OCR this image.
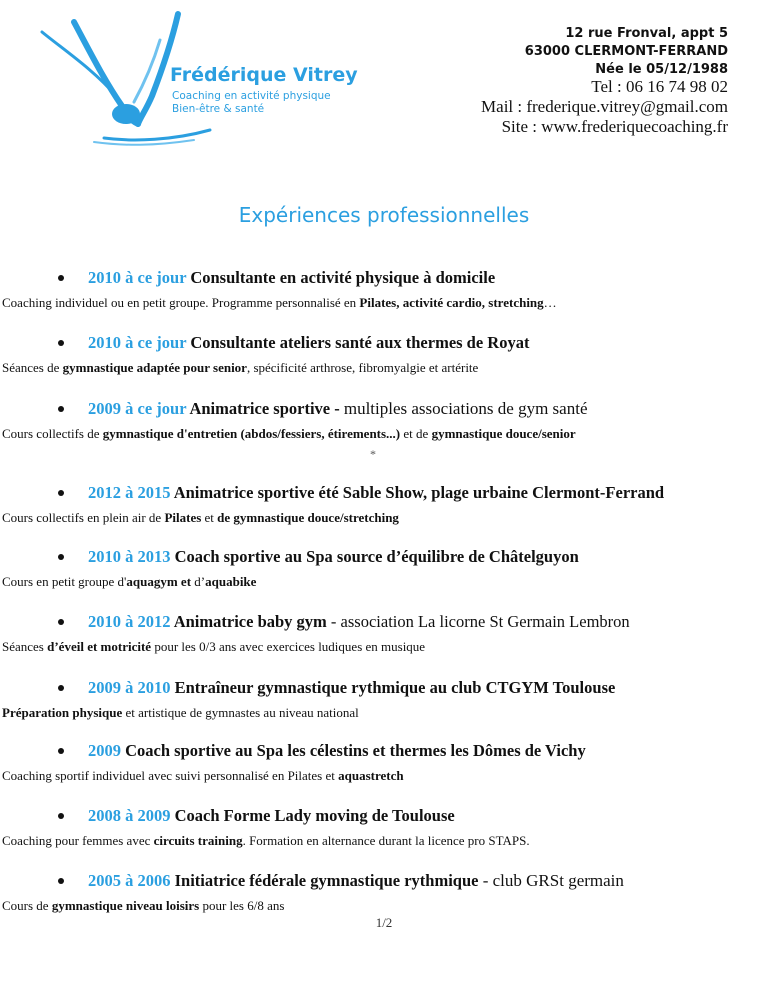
Frédérique Vitrey
Coaching en activité physique
Bien-être & santé
12 rue Fronval, appt 5
63000 CLERMONT-FERRAND
Née le 05/12/1988
Tel : 06 16 74 98 02
Mail : frederique.vitrey@gmail.com
Site : www.frederiquecoaching.fr
Expériences professionnelles
2010 à ce jour Consultante en activité physique à domicile
Coaching individuel ou en petit groupe. Programme personnalisé en Pilates, activité cardio, stretching…
2010 à ce jour Consultante ateliers santé aux thermes de Royat
Séances de gymnastique adaptée pour senior, spécificité arthrose, fibromyalgie et artérite
2009 à ce jour Animatrice sportive - multiples associations de gym santé
Cours collectifs de gymnastique d'entretien (abdos/fessiers, étirements...) et de gymnastique douce/senior
*
2012 à 2015 Animatrice sportive été Sable Show, plage urbaine Clermont-Ferrand
Cours collectifs en plein air de Pilates et de gymnastique douce/stretching
2010 à 2013 Coach sportive au Spa source d’équilibre de Châtelguyon
Cours en petit groupe d'aquagym et d’aquabike
2010 à 2012 Animatrice baby gym - association La licorne St Germain Lembron
Séances d’éveil et motricité pour les 0/3 ans avec exercices ludiques en musique
2009 à 2010 Entraîneur gymnastique rythmique au club CTGYM Toulouse
Préparation physique et artistique de gymnastes au niveau national
2009 Coach sportive au Spa les célestins et thermes les Dômes de Vichy
Coaching sportif individuel avec suivi personnalisé en Pilates et aquastretch
2008 à 2009 Coach Forme Lady moving de Toulouse
Coaching pour femmes avec circuits training. Formation en alternance durant la licence pro STAPS.
2005 à 2006 Initiatrice fédérale gymnastique rythmique - club GRSt germain
Cours de gymnastique niveau loisirs pour les 6/8 ans
1/2
